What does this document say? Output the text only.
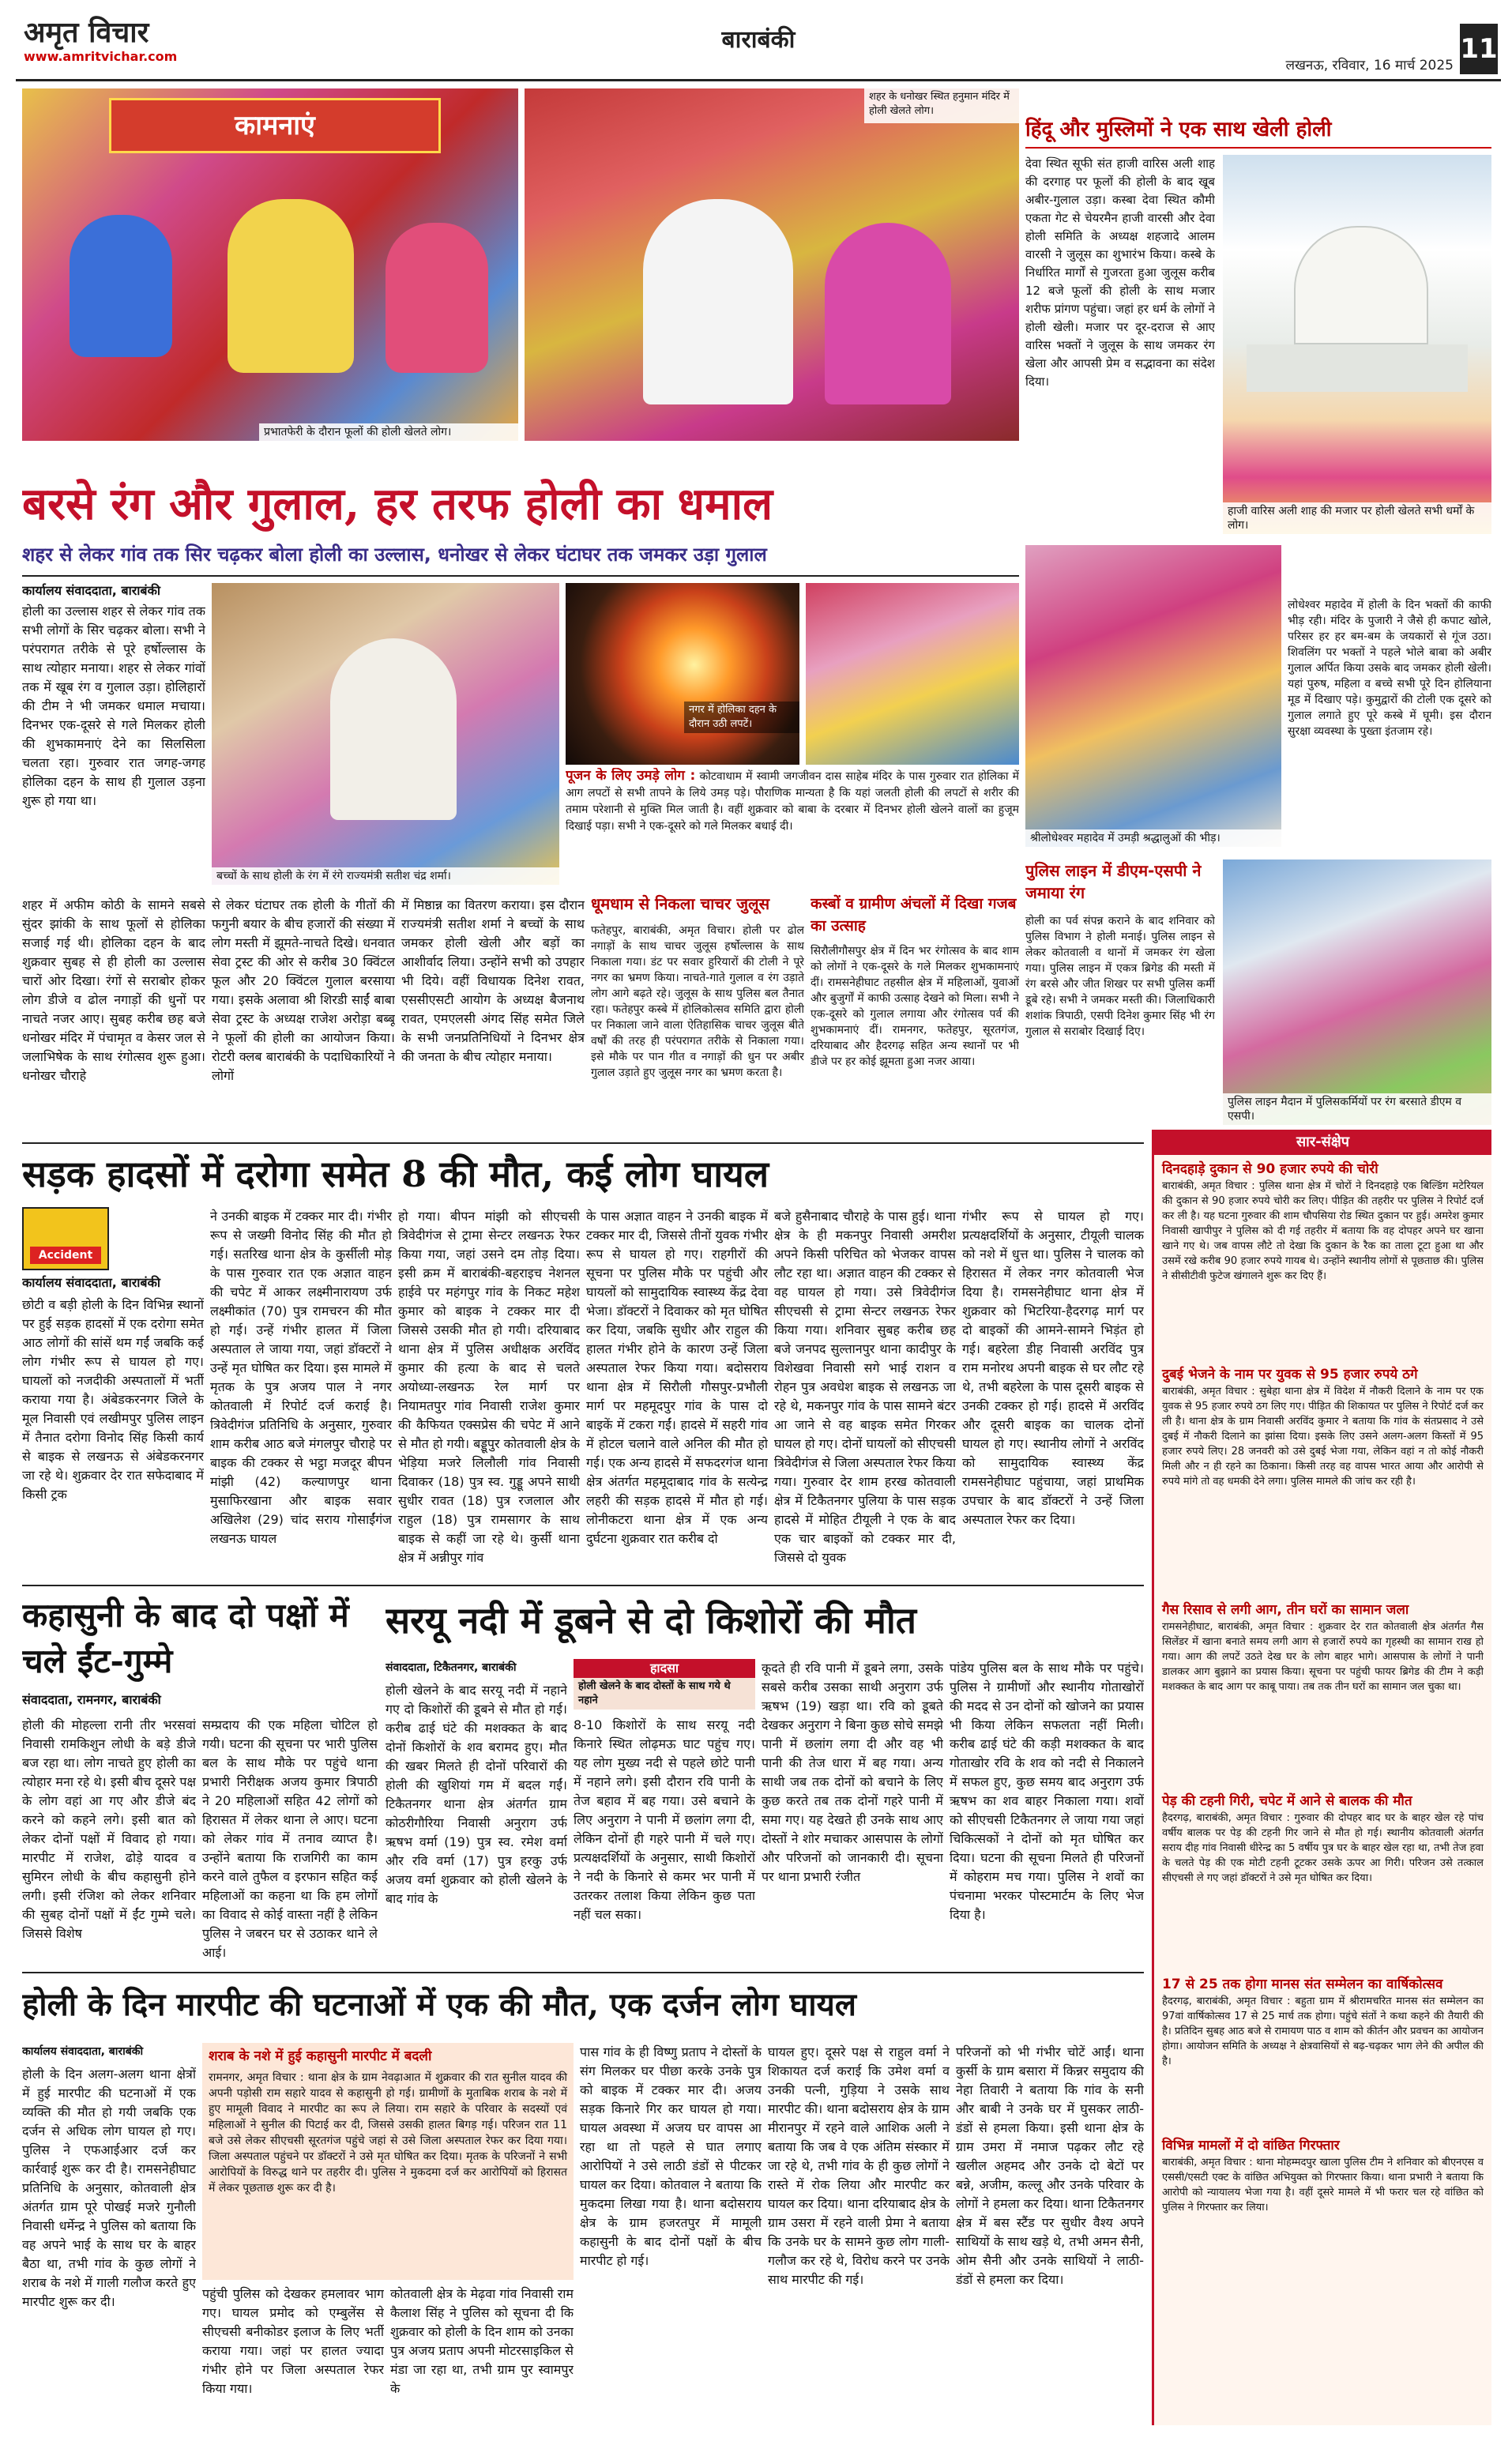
अमृत विचार
www.amritvichar.com
बाराबंकी
लखनऊ, रविवार, 16 मार्च 2025
11
कामनाएं
प्रभातफेरी के दौरान फूलों की होली खेलते लोग।
शहर के धनोखर स्थित हनुमान मंदिर में होली खेलते लोग।
हिंदू और मुस्लिमों ने एक साथ खेली होली
देवा स्थित सूफी संत हाजी वारिस अली शाह की दरगाह पर फूलों की होली के बाद खूब अबीर-गुलाल उड़ा। कस्बा देवा स्थित कौमी एकता गेट से चेयरमैन हाजी वारसी और देवा होली समिति के अध्यक्ष शहजादे आलम वारसी ने जुलूस का शुभारंभ किया। कस्बे के निर्धारित मार्गों से गुजरता हुआ जुलूस करीब 12 बजे फूलों की होली के साथ मजार शरीफ प्रांगण पहुंचा। जहां हर धर्म के लोगों ने होली खेली। मजार पर दूर-दराज से आए वारिस भक्तों ने जुलूस के साथ जमकर रंग खेला और आपसी प्रेम व सद्भावना का संदेश दिया।
हाजी वारिस अली शाह की मजार पर होली खेलते सभी धर्मों के लोग।
बरसे रंग और गुलाल, हर तरफ होली का धमाल
शहर से लेकर गांव तक सिर चढ़कर बोला होली का उल्लास, धनोखर से लेकर घंटाघर तक जमकर उड़ा गुलाल
कार्यालय संवाददाता, बाराबंकी
होली का उल्लास शहर से लेकर गांव तक सभी लोगों के सिर चढ़कर बोला। सभी ने परंपरागत तरीके से पूरे हर्षोल्लास के साथ त्योहार मनाया। शहर से लेकर गांवों तक में खूब रंग व गुलाल उड़ा। होलिहारों की टीम ने भी जमकर धमाल मचाया। दिनभर एक-दूसरे से गले मिलकर होली की शुभकामनाएं देने का सिलसिला चलता रहा। गुरुवार रात जगह-जगह होलिका दहन के साथ ही गुलाल उड़ना शुरू हो गया था।
बच्चों के साथ होली के रंग में रंगे राज्यमंत्री सतीश चंद्र शर्मा।
नगर में होलिका दहन के दौरान उठी लपटें।
पूजन के लिए उमड़े लोग : कोटवाधाम में स्वामी जगजीवन दास साहेब मंदिर के पास गुरुवार रात होलिका में आग लपटों से सभी तापने के लिये उमड़ पड़े। पौराणिक मान्यता है कि यहां जलती होली की लपटों से शरीर की तमाम परेशानी से मुक्ति मिल जाती है। वहीं शुक्रवार को बाबा के दरबार में दिनभर होली खेलने वालों का हुजूम दिखाई पड़ा। सभी ने एक-दूसरे को गले मिलकर बधाई दी।
शहर में अफीम कोठी के सामने सबसे सुंदर झांकी के साथ फूलों से होलिका सजाई गई थी। होलिका दहन के बाद शुक्रवार सुबह से ही होली का उल्लास चारों ओर दिखा। रंगों से सराबोर होकर लोग डीजे व ढोल नगाड़ों की धुनों पर नाचते नजर आए। सुबह करीब छह बजे धनोखर मंदिर में पंचामृत व केसर जल से जलाभिषेक के साथ रंगोत्सव शुरू हुआ। धनोखर चौराहे
से लेकर घंटाघर तक होली के गीतों की फगुनी बयार के बीच हजारों की संख्या में लोग मस्ती में झूमते-नाचते दिखे। धनवात सेवा ट्रस्ट की ओर से करीब 30 क्विंटल फूल और 20 क्विंटल गुलाल बरसाया गया। इसके अलावा श्री शिरडी साईं बाबा सेवा ट्रस्ट के अध्यक्ष राजेश अरोड़ा बब्बू ने फूलों की होली का आयोजन किया। रोटरी क्लब बाराबंकी के पदाधिकारियों ने लोगों
में मिष्ठान्न का वितरण कराया। इस दौरान राज्यमंत्री सतीश शर्मा ने बच्चों के साथ जमकर होली खेली और बड़ों का आशीर्वाद लिया। उन्होंने सभी को उपहार भी दिये। वहीं विधायक दिनेश रावत, एससीएसटी आयोग के अध्यक्ष बैजनाथ रावत, एमएलसी अंगद सिंह समेत जिले के सभी जनप्रतिनिधियों ने दिनभर क्षेत्र की जनता के बीच त्योहार मनाया।
धूमधाम से निकला चाचर जुलूस
फतेहपुर, बाराबंकी, अमृत विचार। होली पर ढोल नगाड़ों के साथ चाचर जुलूस हर्षोल्लास के साथ निकाला गया। डंट पर सवार हुरियारों की टोली ने पूरे नगर का भ्रमण किया। नाचते-गाते गुलाल व रंग उड़ाते लोग आगे बढ़ते रहे। जुलूस के साथ पुलिस बल तैनात रहा। फतेहपुर कस्बे में होलिकोत्सव समिति द्वारा होली पर निकाला जाने वाला ऐतिहासिक चाचर जुलूस बीते वर्षों की तरह ही परंपरागत तरीके से निकाला गया। इसे मौके पर पान गीत व नगाड़ों की धुन पर अबीर गुलाल उड़ाते हुए जुलूस नगर का भ्रमण करता है।
कस्बों व ग्रामीण अंचलों में दिखा गजब का उत्साह
सिरौलीगौसपुर क्षेत्र में दिन भर रंगोत्सव के बाद शाम को लोगों ने एक-दूसरे के गले मिलकर शुभकामनाएं दीं। रामसनेहीघाट तहसील क्षेत्र में महिलाओं, युवाओं और बुजुर्गों में काफी उत्साह देखने को मिला। सभी ने एक-दूसरे को गुलाल लगाया और रंगोत्सव पर्व की शुभकामनाएं दीं। रामनगर, फतेहपुर, सूरतगंज, दरियाबाद और हैदरगढ़ सहित अन्य स्थानों पर भी डीजे पर हर कोई झूमता हुआ नजर आया।
श्रीलोधेश्वर महादेव में उमड़ी श्रद्धालुओं की भीड़।
लोधेश्वर महादेव में होली के दिन भक्तों की काफी भीड़ रही। मंदिर के पुजारी ने जैसे ही कपाट खोले, परिसर हर हर बम-बम के जयकारों से गूंज उठा। शिवलिंग पर भक्तों ने पहले भोले बाबा को अबीर गुलाल अर्पित किया उसके बाद जमकर होली खेली। यहां पुरुष, महिला व बच्चे सभी पूरे दिन होलियाना मूड में दिखाए पड़े। कुमुद्वारों की टोली एक दूसरे को गुलाल लगाते हुए पूरे कस्बे में घूमी। इस दौरान सुरक्षा व्यवस्था के पुख्ता इंतजाम रहे।
पुलिस लाइन में डीएम-एसपी ने जमाया रंग
होली का पर्व संपन्न कराने के बाद शनिवार को पुलिस विभाग ने होली मनाई। पुलिस लाइन से लेकर कोतवाली व थानों में जमकर रंग खेला गया। पुलिस लाइन में एकत्र ब्रिगेड की मस्ती में रंग बरसे और जीत शिखर पर सभी पुलिस कर्मी डूबे रहे। सभी ने जमकर मस्ती की। जिलाधिकारी शशांक त्रिपाठी, एसपी दिनेश कुमार सिंह भी रंग गुलाल से सराबोर दिखाई दिए।
पुलिस लाइन मैदान में पुलिसकर्मियों पर रंग बरसाते डीएम व एसपी।
सड़क हादसों में दरोगा समेत 8 की मौत, कई लोग घायल
Accident
कार्यालय संवाददाता, बाराबंकी
छोटी व बड़ी होली के दिन विभिन्न स्थानों पर हुई सड़क हादसों में एक दरोगा समेत आठ लोगों की सांसें थम गईं जबकि कई लोग गंभीर रूप से घायल हो गए। घायलों को नजदीकी अस्पतालों में भर्ती कराया गया है। अंबेडकरनगर जिले के मूल निवासी एवं लखीमपुर पुलिस लाइन में तैनात दरोगा विनोद सिंह किसी कार्य से बाइक से लखनऊ से अंबेडकरनगर जा रहे थे। शुक्रवार देर रात सफेदाबाद में किसी ट्रक
ने उनकी बाइक में टक्कर मार दी। गंभीर रूप से जख्मी विनोद सिंह की मौत हो गई। सतरिख थाना क्षेत्र के कुर्सीली मोड़ के पास गुरुवार रात एक अज्ञात वाहन की चपेट में आकर लक्ष्मीनारायण उर्फ लक्ष्मीकांत (70) पुत्र रामचरन की मौत हो गई। उन्हें गंभीर हालत में जिला अस्पताल ले जाया गया, जहां डॉक्टरों ने उन्हें मृत घोषित कर दिया। इस मामले में मृतक के पुत्र अजय पाल ने नगर कोतवाली में रिपोर्ट दर्ज कराई है। त्रिवेदीगंज प्रतिनिधि के अनुसार, गुरुवार शाम करीब आठ बजे मंगलपुर चौराहे पर बाइक की टक्कर से भट्ठा मजदूर बीपन मांझी (42) कल्याणपुर थाना मुसाफिरखाना और बाइक सवार अखिलेश (29) चांद सराय गोसाईंगंज लखनऊ घायल
हो गया। बीपन मांझी को सीएचसी त्रिवेदीगंज से ट्रामा सेन्टर लखनऊ रेफर किया गया, जहां उसने दम तोड़ दिया। इसी क्रम में बाराबंकी-बहराइच नेशनल हाईवे पर महंगपुर गांव के निकट महेश कुमार को बाइक ने टक्कर मार दी जिससे उसकी मौत हो गयी। दरियाबाद थाना क्षेत्र में पुलिस अधीक्षक अरविंद कुमार की हत्या के बाद से चलते अयोध्या-लखनऊ रेल मार्ग पर नियामतपुर गांव निवासी राजेश कुमार की कैफियत एक्सप्रेस की चपेट में आने से मौत हो गयी। बड्डूपुर कोतवाली क्षेत्र के भेड़िया मजरे लिलौली गांव निवासी दिवाकर (18) पुत्र स्व. गुड्डू अपने साथी सुधीर रावत (18) पुत्र रजलाल और राहुल (18) पुत्र रामसागर के साथ बाइक से कहीं जा रहे थे। कुर्सी थाना क्षेत्र में अन्नीपुर गांव
के पास अज्ञात वाहन ने उनकी बाइक में टक्कर मार दी, जिससे तीनों युवक गंभीर रूप से घायल हो गए। राहगीरों की सूचना पर पुलिस मौके पर पहुंची और घायलों को सामुदायिक स्वास्थ्य केंद्र देवा भेजा। डॉक्टरों ने दिवाकर को मृत घोषित कर दिया, जबकि सुधीर और राहुल की हालत गंभीर होने के कारण उन्हें जिला अस्पताल रेफर किया गया। बदोसराय थाना क्षेत्र में सिरौली गौसपुर-प्रभौली मार्ग पर महमूदपुर गांव के पास दो बाइकें में टकरा गईं। हादसे में सहरी गांव में होटल चलाने वाले अनिल की मौत हो गई। एक अन्य हादसे में सफदरगंज थाना क्षेत्र अंतर्गत महमूदाबाद गांव के सत्येन्द्र लहरी की सड़क हादसे में मौत हो गई। लोनीकटरा थाना क्षेत्र में एक अन्य दुर्घटना शुक्रवार रात करीब दो
बजे हुसैनाबाद चौराहे के पास हुई। थाना क्षेत्र के ही मकनपुर निवासी अमरीश अपने किसी परिचित को भेजकर वापस लौट रहा था। अज्ञात वाहन की टक्कर से वह घायल हो गया। उसे त्रिवेदीगंज सीएचसी से ट्रामा सेन्टर लखनऊ रेफर किया गया। शनिवार सुबह करीब छह बजे जनपद सुल्तानपुर थाना कादीपुर के विशेखवा निवासी सगे भाई राशन व रोहन पुत्र अवधेश बाइक से लखनऊ जा रहे थे, मकनपुर गांव के पास सामने बंटर आ जाने से वह बाइक समेत गिरकर घायल हो गए। दोनों घायलों को सीएचसी त्रिवेदीगंज से जिला अस्पताल रेफर किया गया। गुरुवार देर शाम हरख कोतवाली क्षेत्र में टिकैतनगर पुलिया के पास सड़क हादसे में मोहित टीयूली ने एक के बाद एक चार बाइकों को टक्कर मार दी, जिससे दो युवक
गंभीर रूप से घायल हो गए। प्रत्यक्षदर्शियों के अनुसार, टीयूली चालक को नशे में धुत्त था। पुलिस ने चालक को हिरासत में लेकर नगर कोतवाली भेज दिया है। रामसनेहीघाट थाना क्षेत्र में शुक्रवार को भिटरिया-हैदरगढ़ मार्ग पर दो बाइकों की आमने-सामने भिड़ंत हो गई। बहरेला डीह निवासी अरविंद पुत्र राम मनोरथ अपनी बाइक से घर लौट रहे थे, तभी बहरेला के पास दूसरी बाइक से उनकी टक्कर हो गई। हादसे में अरविंद और दूसरी बाइक का चालक दोनों घायल हो गए। स्थानीय लोगों ने अरविंद को सामुदायिक स्वास्थ्य केंद्र रामसनेहीघाट पहुंचाया, जहां प्राथमिक उपचार के बाद डॉक्टरों ने उन्हें जिला अस्पताल रेफर कर दिया।
कहासुनी के बाद दो पक्षों में चले ईंट-गुम्मे
संवाददाता, रामनगर, बाराबंकी
होली की मोहल्ला रानी तीर भरसवां निवासी रामकिशुन लोधी के बड़े डीजे बज रहा था। लोग नाचते हुए होली का त्योहार मना रहे थे। इसी बीच दूसरे पक्ष के लोग वहां आ गए और डीजे बंद करने को कहने लगे। इसी बात को लेकर दोनों पक्षों में विवाद हो गया। मारपीट में राजेश, ढोड़े यादव व सुमिरन लोधी के बीच कहासुनी होने लगी। इसी रंजिश को लेकर शनिवार की सुबह दोनों पक्षों में ईंट गुम्मे चले। जिससे विशेष
सम्प्रदाय की एक महिला चोटिल हो गयी। घटना की सूचना पर भारी पुलिस बल के साथ मौके पर पहुंचे थाना प्रभारी निरीक्षक अजय कुमार त्रिपाठी ने 20 महिलाओं सहित 42 लोगों को हिरासत में लेकर थाना ले आए। घटना को लेकर गांव में तनाव व्याप्त है। उन्होंने बताया कि राजगिरी का काम करने वाले तुफैल व इरफान सहित कई महिलाओं का कहना था कि हम लोगों का विवाद से कोई वास्ता नहीं है लेकिन पुलिस ने जबरन घर से उठाकर थाने ले आई।
सरयू नदी में डूबने से दो किशोरों की मौत
संवाददाता, टिकैतनगर, बाराबंकी
होली खेलने के बाद सरयू नदी में नहाने गए दो किशोरों की डूबने से मौत हो गई। करीब ढाई घंटे की मशक्कत के बाद दोनों किशोरों के शव बरामद हुए। मौत की खबर मिलते ही दोनों परिवारों की होली की खुशियां गम में बदल गईं। टिकैतनगर थाना क्षेत्र अंतर्गत ग्राम कोठरीगौरिया निवासी अनुराग उर्फ ऋषभ वर्मा (19) पुत्र स्व. रमेश वर्मा और रवि वर्मा (17) पुत्र हरकु उर्फ अजय वर्मा शुक्रवार को होली खेलने के बाद गांव के
हादसा
होली खेलने के बाद दोस्तों के साथ गये थे नहाने
8-10 किशोरों के साथ सरयू नदी किनारे स्थित लोढ़मऊ घाट पहुंच गए। यह लोग मुख्य नदी से पहले छोटे पानी में नहाने लगे। इसी दौरान रवि पानी के तेज बहाव में बह गया। उसे बचाने के लिए अनुराग ने पानी में छलांग लगा दी, लेकिन दोनों ही गहरे पानी में चले गए। प्रत्यक्षदर्शियों के अनुसार, साथी किशोरों ने नदी के किनारे से कमर भर पानी में उतरकर तलाश किया लेकिन कुछ पता नहीं चल सका।
कूदते ही रवि पानी में डूबने लगा, उसके सबसे करीब उसका साथी अनुराग उर्फ ऋषभ (19) खड़ा था। रवि को डूबते देखकर अनुराग ने बिना कुछ सोचे समझे पानी में छलांग लगा दी और वह भी पानी की तेज धारा में बह गया। अन्य साथी जब तक दोनों को बचाने के लिए कुछ करते तब तक दोनों गहरे पानी में समा गए। यह देखते ही उनके साथ आए दोस्तों ने शोर मचाकर आसपास के लोगों और परिजनों को जानकारी दी। सूचना पर थाना प्रभारी रंजीत
पांडेय पुलिस बल के साथ मौके पर पहुंचे। पुलिस ने ग्रामीणों और स्थानीय गोताखोरों की मदद से उन दोनों को खोजने का प्रयास भी किया लेकिन सफलता नहीं मिली। करीब ढाई घंटे की कड़ी मशक्कत के बाद गोताखोर रवि के शव को नदी से निकालने में सफल हुए, कुछ समय बाद अनुराग उर्फ ऋषभ का शव बाहर निकाला गया। शवों को सीएचसी टिकैतनगर ले जाया गया जहां चिकित्सकों ने दोनों को मृत घोषित कर दिया। घटना की सूचना मिलते ही परिजनों में कोहराम मच गया। पुलिस ने शवों का पंचनामा भरकर पोस्टमार्टम के लिए भेज दिया है।
होली के दिन मारपीट की घटनाओं में एक की मौत, एक दर्जन लोग घायल
कार्यालय संवाददाता, बाराबंकी
होली के दिन अलग-अलग थाना क्षेत्रों में हुई मारपीट की घटनाओं में एक व्यक्ति की मौत हो गयी जबकि एक दर्जन से अधिक लोग घायल हो गए। पुलिस ने एफआईआर दर्ज कर कार्रवाई शुरू कर दी है। रामसनेहीघाट प्रतिनिधि के अनुसार, कोतवाली क्षेत्र अंतर्गत ग्राम पूरे पोखई मजरे गुनौली निवासी धर्मेन्द्र ने पुलिस को बताया कि वह अपने भाई के साथ घर के बाहर बैठा था, तभी गांव के कुछ लोगों ने शराब के नशे में गाली गलौज करते हुए मारपीट शुरू कर दी।
शराब के नशे में हुई कहासुनी मारपीट में बदली
रामनगर, अमृत विचार : थाना क्षेत्र के ग्राम नेवढ़ाआत में शुक्रवार की रात सुनील यादव की अपनी पड़ोसी राम सहारे यादव से कहासुनी हो गई। ग्रामीणों के मुताबिक शराब के नशे में हुए मामूली विवाद ने मारपीट का रूप ले लिया। राम सहारे के परिवार के सदस्यों एवं महिलाओं ने सुनील की पिटाई कर दी, जिससे उसकी हालत बिगड़ गई। परिजन रात 11 बजे उसे लेकर सीएचसी सूरतगंज पहुंचे जहां से उसे जिला अस्पताल रेफर कर दिया गया। जिला अस्पताल पहुंचने पर डॉक्टरों ने उसे मृत घोषित कर दिया। मृतक के परिजनों ने सभी आरोपियों के विरुद्ध थाने पर तहरीर दी। पुलिस ने मुकदमा दर्ज कर आरोपियों को हिरासत में लेकर पूछताछ शुरू कर दी है।
पहुंची पुलिस को देखकर हमलावर भाग गए। घायल प्रमोद को एम्बुलेंस से सीएचसी बनीकोडर इलाज के लिए भर्ती कराया गया। जहां पर हालत ज्यादा गंभीर होने पर जिला अस्पताल रेफर किया गया।
कोतवाली क्षेत्र के मेढ़वा गांव निवासी राम कैलाश सिंह ने पुलिस को सूचना दी कि शुक्रवार को होली के दिन शाम को उनका पुत्र अजय प्रताप अपनी मोटरसाइकिल से मंडा जा रहा था, तभी ग्राम पुर स्वामपुर के
पास गांव के ही विष्णु प्रताप ने दोस्तों के संग मिलकर घर पीछा करके उनके पुत्र को बाइक में टक्कर मार दी। अजय सड़क किनारे गिर कर घायल हो गया। घायल अवस्था में अजय घर वापस आ रहा था तो पहले से घात लगाए आरोपियों ने उसे लाठी डंडों से पीटकर घायल कर दिया। कोतवाल ने बताया कि मुकदमा लिखा गया है। थाना बदोसराय क्षेत्र के ग्राम हजरतपुर में मामूली कहासुनी के बाद दोनों पक्षों के बीच मारपीट हो गई।
घायल हुए। दूसरे पक्ष से राहुल वर्मा ने शिकायत दर्ज कराई कि उमेश वर्मा व उनकी पत्नी, गुड़िया ने उसके साथ मारपीट की। थाना बदोसराय क्षेत्र के ग्राम मीरानपुर में रहने वाले आशिक अली ने बताया कि जब वे एक अंतिम संस्कार में जा रहे थे, तभी गांव के ही कुछ लोगों ने रास्ते में रोक लिया और मारपीट कर घायल कर दिया। थाना दरियाबाद क्षेत्र के ग्राम उसरा में रहने वाली प्रेमा ने बताया कि उनके घर के सामने कुछ लोग गाली-गलौज कर रहे थे, विरोध करने पर उनके साथ मारपीट की गई।
परिजनों को भी गंभीर चोटें आईं। थाना कुर्सी के ग्राम बसारा में किन्नर समुदाय की नेहा तिवारी ने बताया कि गांव के सनी और बाबी ने उनके घर में घुसकर लाठी-डंडों से हमला किया। इसी थाना क्षेत्र के ग्राम उमरा में नमाज पढ़कर लौट रहे खलील अहमद और उनके दो बेटों पर बन्ने, अजीम, कल्लू और उनके परिवार के लोगों ने हमला कर दिया। थाना टिकैतनगर क्षेत्र में बस स्टैंड पर सुधीर वैश्य अपने साथियों के साथ खड़े थे, तभी अमन सैनी, ओम सैनी और उनके साथियों ने लाठी-डंडों से हमला कर दिया।
सार-संक्षेप
दिनदहाड़े दुकान से 90 हजार रुपये की चोरी
बाराबंकी, अमृत विचार : पुलिस थाना क्षेत्र में चोरों ने दिनदहाड़े एक बिल्डिंग मटेरियल की दुकान से 90 हजार रुपये चोरी कर लिए। पीड़ित की तहरीर पर पुलिस ने रिपोर्ट दर्ज कर ली है। यह घटना गुरुवार की शाम चौपसिया रोड स्थित दुकान पर हुई। अमरेश कुमार निवासी खापीपुर ने पुलिस को दी गई तहरीर में बताया कि वह दोपहर अपने घर खाना खाने गए थे। जब वापस लौटे तो देखा कि दुकान के रैक का ताला टूटा हुआ था और उसमें रखे करीब 90 हजार रुपये गायब थे। उन्होंने स्थानीय लोगों से पूछताछ की। पुलिस ने सीसीटीवी फुटेज खंगालने शुरू कर दिए हैं।
दुबई भेजने के नाम पर युवक से 95 हजार रुपये ठगे
बाराबंकी, अमृत विचार : सुबेहा थाना क्षेत्र में विदेश में नौकरी दिलाने के नाम पर एक युवक से 95 हजार रुपये ठग लिए गए। पीड़ित की शिकायत पर पुलिस ने रिपोर्ट दर्ज कर ली है। थाना क्षेत्र के ग्राम निवासी अरविंद कुमार ने बताया कि गांव के संतप्रसाद ने उसे दुबई में नौकरी दिलाने का झांसा दिया। इसके लिए उसने अलग-अलग किस्तों में 95 हजार रुपये लिए। 28 जनवरी को उसे दुबई भेजा गया, लेकिन वहां न तो कोई नौकरी मिली और न ही रहने का ठिकाना। किसी तरह वह वापस भारत आया और आरोपी से रुपये मांगे तो वह धमकी देने लगा। पुलिस मामले की जांच कर रही है।
गैस रिसाव से लगी आग, तीन घरों का सामान जला
रामसनेहीघाट, बाराबंकी, अमृत विचार : शुक्रवार देर रात कोतवाली क्षेत्र अंतर्गत गैस सिलेंडर में खाना बनाते समय लगी आग से हजारों रुपये का गृहस्थी का सामान राख हो गया। आग की लपटें उठते देख घर के लोग बाहर भागे। आसपास के लोगों ने पानी डालकर आग बुझाने का प्रयास किया। सूचना पर पहुंची फायर ब्रिगेड की टीम ने कड़ी मशक्कत के बाद आग पर काबू पाया। तब तक तीन घरों का सामान जल चुका था।
पेड़ की टहनी गिरी, चपेट में आने से बालक की मौत
हैदरगढ़, बाराबंकी, अमृत विचार : गुरुवार की दोपहर बाद घर के बाहर खेल रहे पांच वर्षीय बालक पर पेड़ की टहनी गिर जाने से मौत हो गई। स्थानीय कोतवाली अंतर्गत सराय दीह गांव निवासी धीरेन्द्र का 5 वर्षीय पुत्र घर के बाहर खेल रहा था, तभी तेज हवा के चलते पेड़ की एक मोटी टहनी टूटकर उसके ऊपर आ गिरी। परिजन उसे तत्काल सीएचसी ले गए जहां डॉक्टरों ने उसे मृत घोषित कर दिया।
17 से 25 तक होगा मानस संत सम्मेलन का वार्षिकोत्सव
हैदरगढ़, बाराबंकी, अमृत विचार : बहुता ग्राम में श्रीरामचरित मानस संत सम्मेलन का 97वां वार्षिकोत्सव 17 से 25 मार्च तक होगा। पहुंचे संतों ने कथा कहने की तैयारी की है। प्रतिदिन सुबह आठ बजे से रामायण पाठ व शाम को कीर्तन और प्रवचन का आयोजन होगा। आयोजन समिति के अध्यक्ष ने क्षेत्रवासियों से बढ़-चढ़कर भाग लेने की अपील की है।
विभिन्न मामलों में दो वांछित गिरफ्तार
बाराबंकी, अमृत विचार : थाना मोहम्मदपुर खाला पुलिस टीम ने शनिवार को बीएनएस व एससी/एसटी एक्ट के वांछित अभियुक्त को गिरफ्तार किया। थाना प्रभारी ने बताया कि आरोपी को न्यायालय भेजा गया है। वहीं दूसरे मामले में भी फरार चल रहे वांछित को पुलिस ने गिरफ्तार कर लिया।
